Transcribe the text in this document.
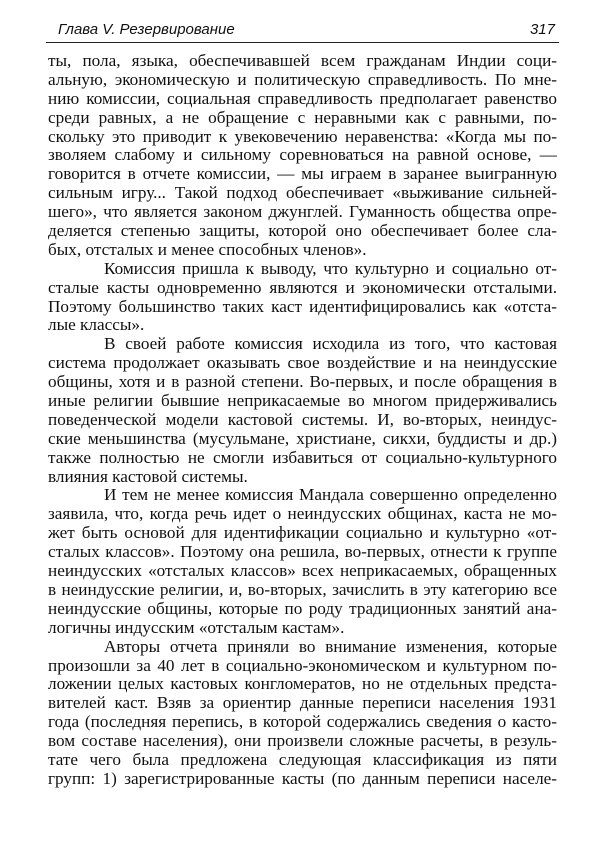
Глава V. Резервирование	317
ты, пола, языка, обеспечивавшей всем гражданам Индии соци-
альную, экономическую и политическую справедливость. По мне-
нию комиссии, социальная справедливость предполагает равенство
среди равных, а не обращение с неравными как с равными, по-
скольку это приводит к увековечению неравенства: «Когда мы по-
зволяем слабому и сильному соревноваться на равной основе, —
говорится в отчете комиссии, — мы играем в заранее выигранную
сильным игру... Такой подход обеспечивает «выживание сильней-
шего», что является законом джунглей. Гуманность общества опре-
деляется степенью защиты, которой оно обеспечивает более сла-
бых, отсталых и менее способных членов».
Комиссия пришла к выводу, что культурно и социально от-
сталые касты одновременно являются и экономически отсталыми.
Поэтому большинство таких каст идентифицировались как «отста-
лые классы».
В своей работе комиссия исходила из того, что кастовая
система продолжает оказывать свое воздействие и на неиндусские
общины, хотя и в разной степени. Во-первых, и после обращения в
иные религии бывшие неприкасаемые во многом придерживались
поведенческой модели кастовой системы. И, во-вторых, неиндус-
ские меньшинства (мусульмане, христиане, сикхи, буддисты и др.)
также полностью не смогли избавиться от социально-культурного
влияния кастовой системы.
И тем не менее комиссия Мандала совершенно определенно
заявила, что, когда речь идет о неиндусских общинах, каста не мо-
жет быть основой для идентификации социально и культурно «от-
сталых классов». Поэтому она решила, во-первых, отнести к группе
неиндусских «отсталых классов» всех неприкасаемых, обращенных
в неиндусские религии, и, во-вторых, зачислить в эту категорию все
неиндусские общины, которые по роду традиционных занятий ана-
логичны индусским «отсталым кастам».
Авторы отчета приняли во внимание изменения, которые
произошли за 40 лет в социально-экономическом и культурном по-
ложении целых кастовых конгломератов, но не отдельных предста-
вителей каст. Взяв за ориентир данные переписи населения 1931
года (последняя перепись, в которой содержались сведения о касто-
вом составе населения), они произвели сложные расчеты, в резуль-
тате чего была предложена следующая классификация из пяти
групп: 1) зарегистрированные касты (по данным переписи населе-
